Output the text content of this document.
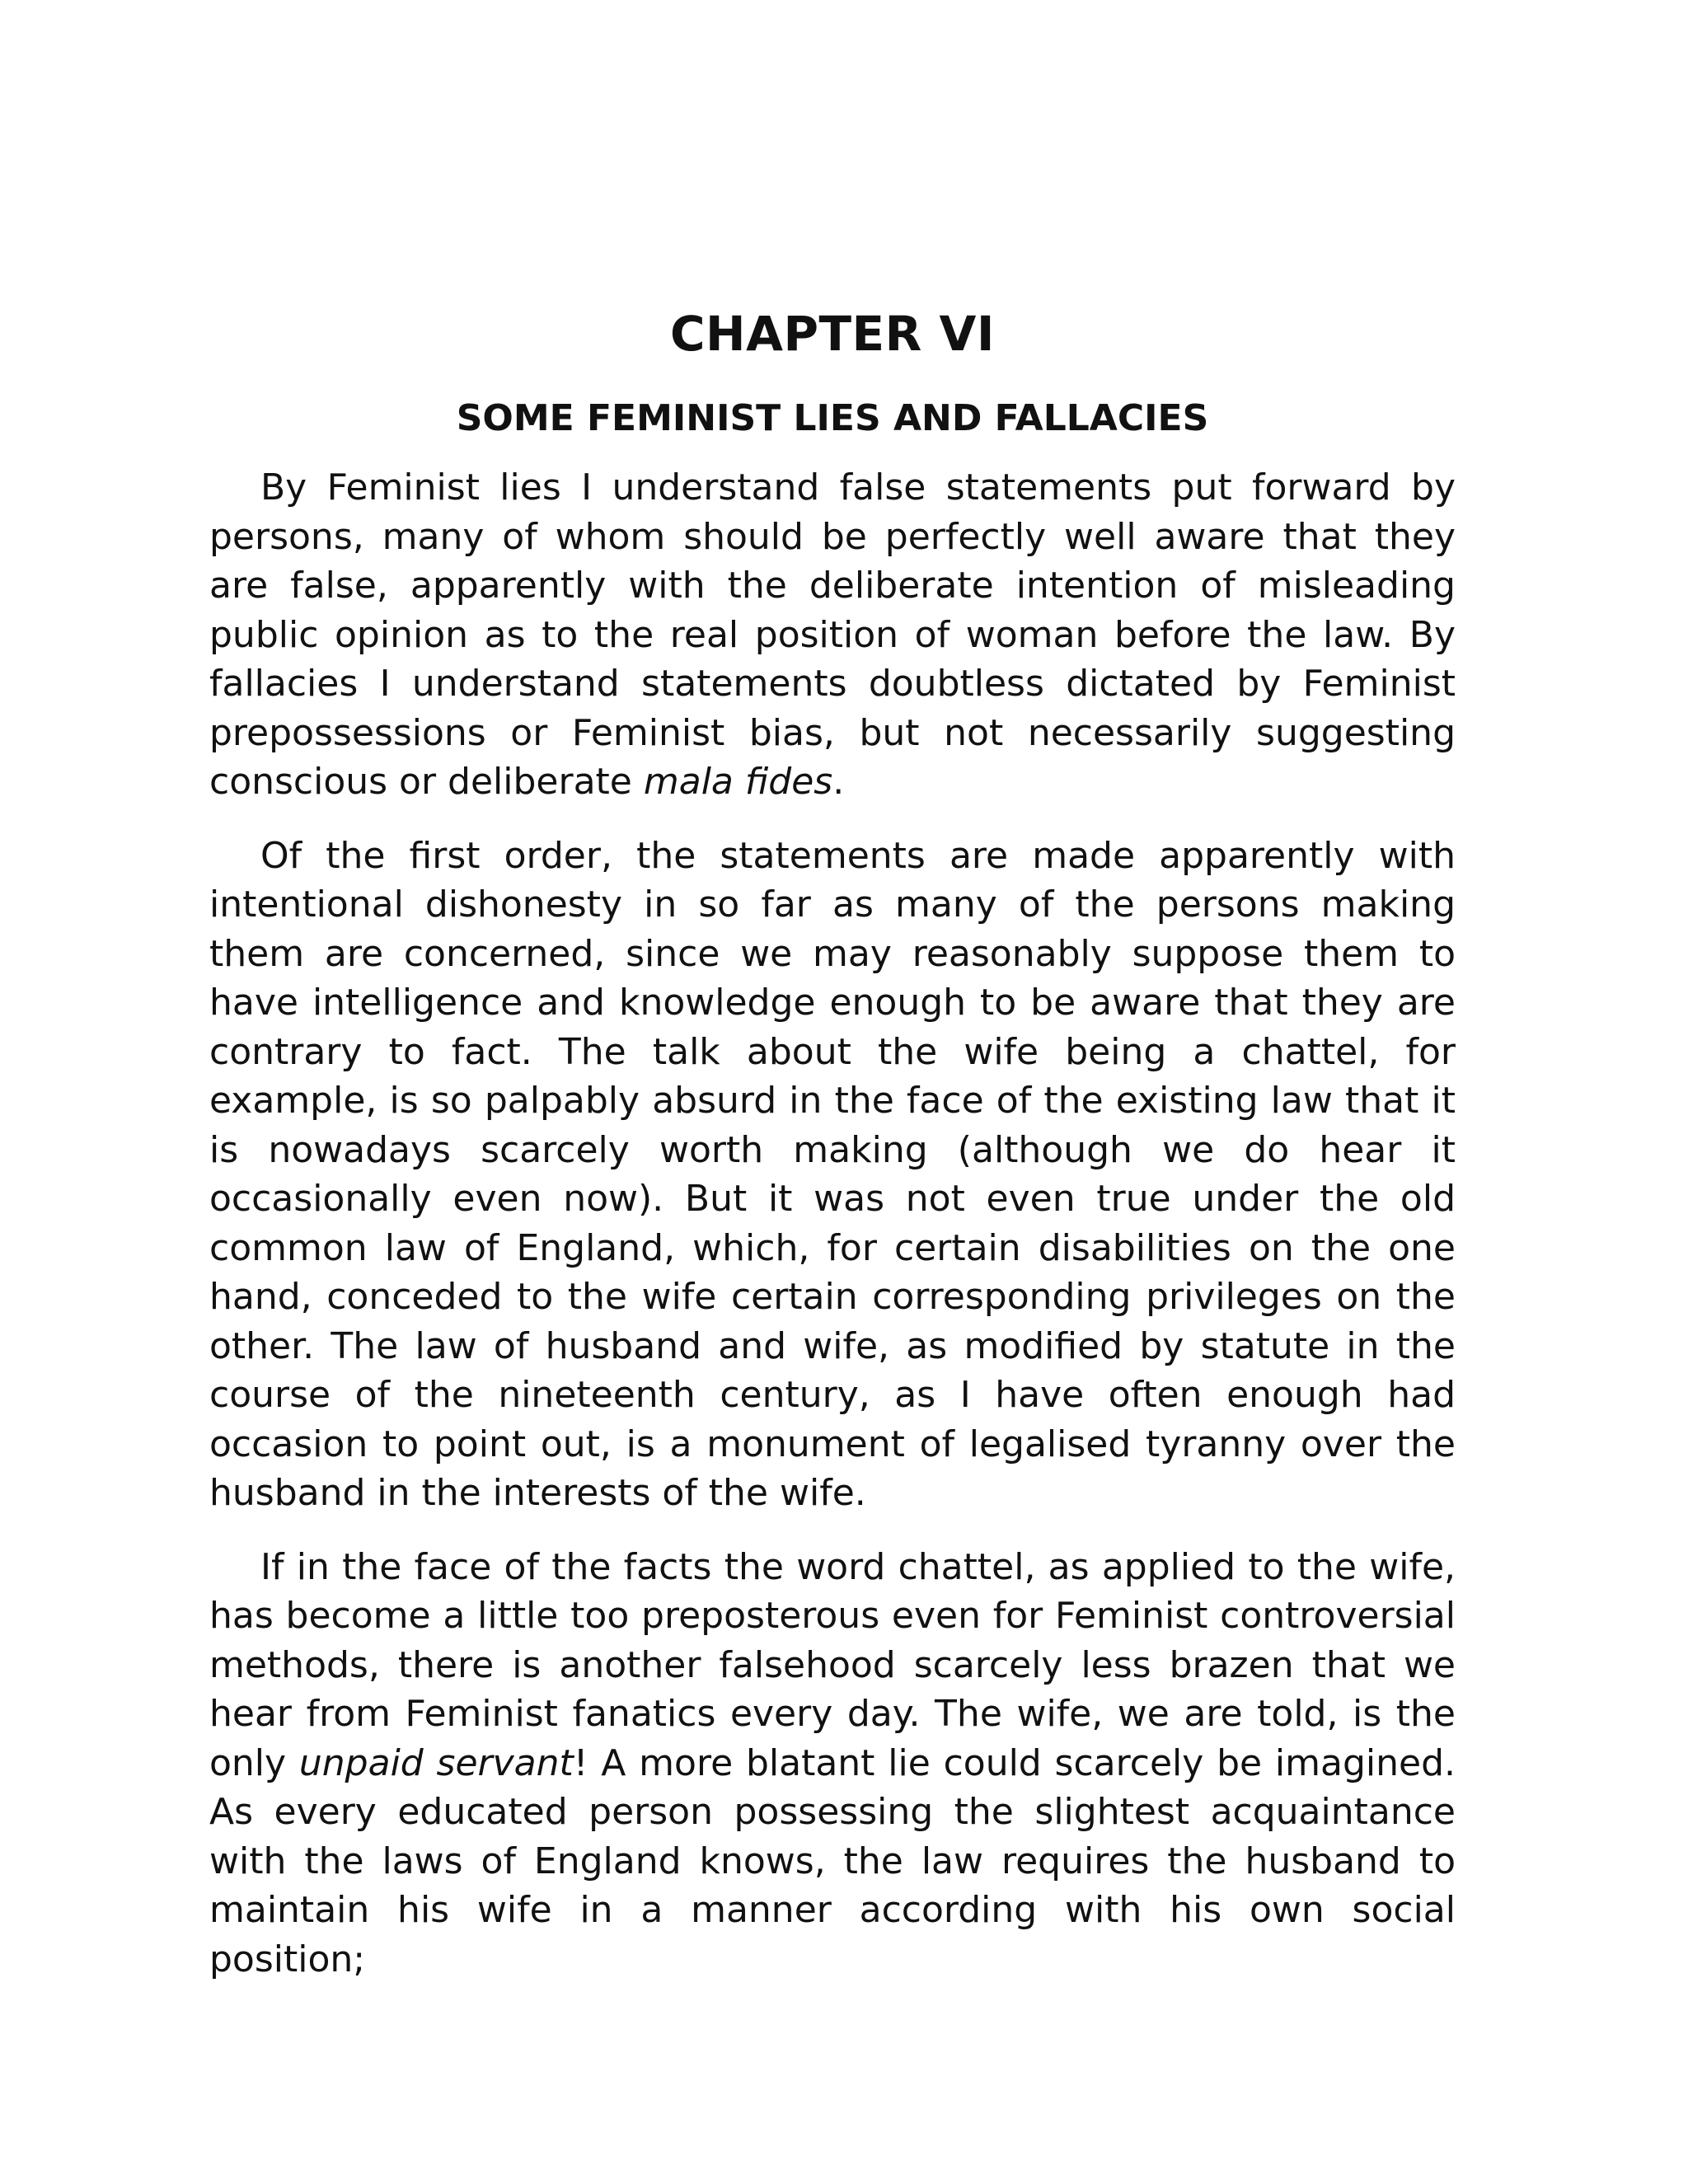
CHAPTER VI
SOME FEMINIST LIES AND FALLACIES

By Feminist lies I understand false statements put forward by persons, many of whom should be perfectly well aware that they are false, apparently with the deliberate intention of misleading public opinion as to the real position of woman before the law. By fallacies I understand statements doubtless dictated by Feminist prepossessions or Feminist bias, but not necessarily suggesting conscious or deliberate mala fides.

Of the first order, the statements are made apparently with intentional dishonesty in so far as many of the persons making them are concerned, since we may reasonably suppose them to have intelligence and knowledge enough to be aware that they are contrary to fact. The talk about the wife being a chattel, for example, is so palpably absurd in the face of the existing law that it is nowadays scarcely worth making (although we do hear it occasionally even now). But it was not even true under the old common law of England, which, for certain disabilities on the one hand, conceded to the wife certain corresponding privileges on the other. The law of husband and wife, as modified by statute in the course of the nineteenth century, as I have often enough had occasion to point out, is a monument of legalised tyranny over the husband in the interests of the wife.

If in the face of the facts the word chattel, as applied to the wife, has become a little too preposterous even for Feminist controversial methods, there is another falsehood scarcely less brazen that we hear from Feminist fanatics every day. The wife, we are told, is the only unpaid servant! A more blatant lie could scarcely be imagined. As every educated person possessing the slightest acquaintance with the laws of England knows, the law requires the husband to maintain his wife in a manner according with his own social position;
